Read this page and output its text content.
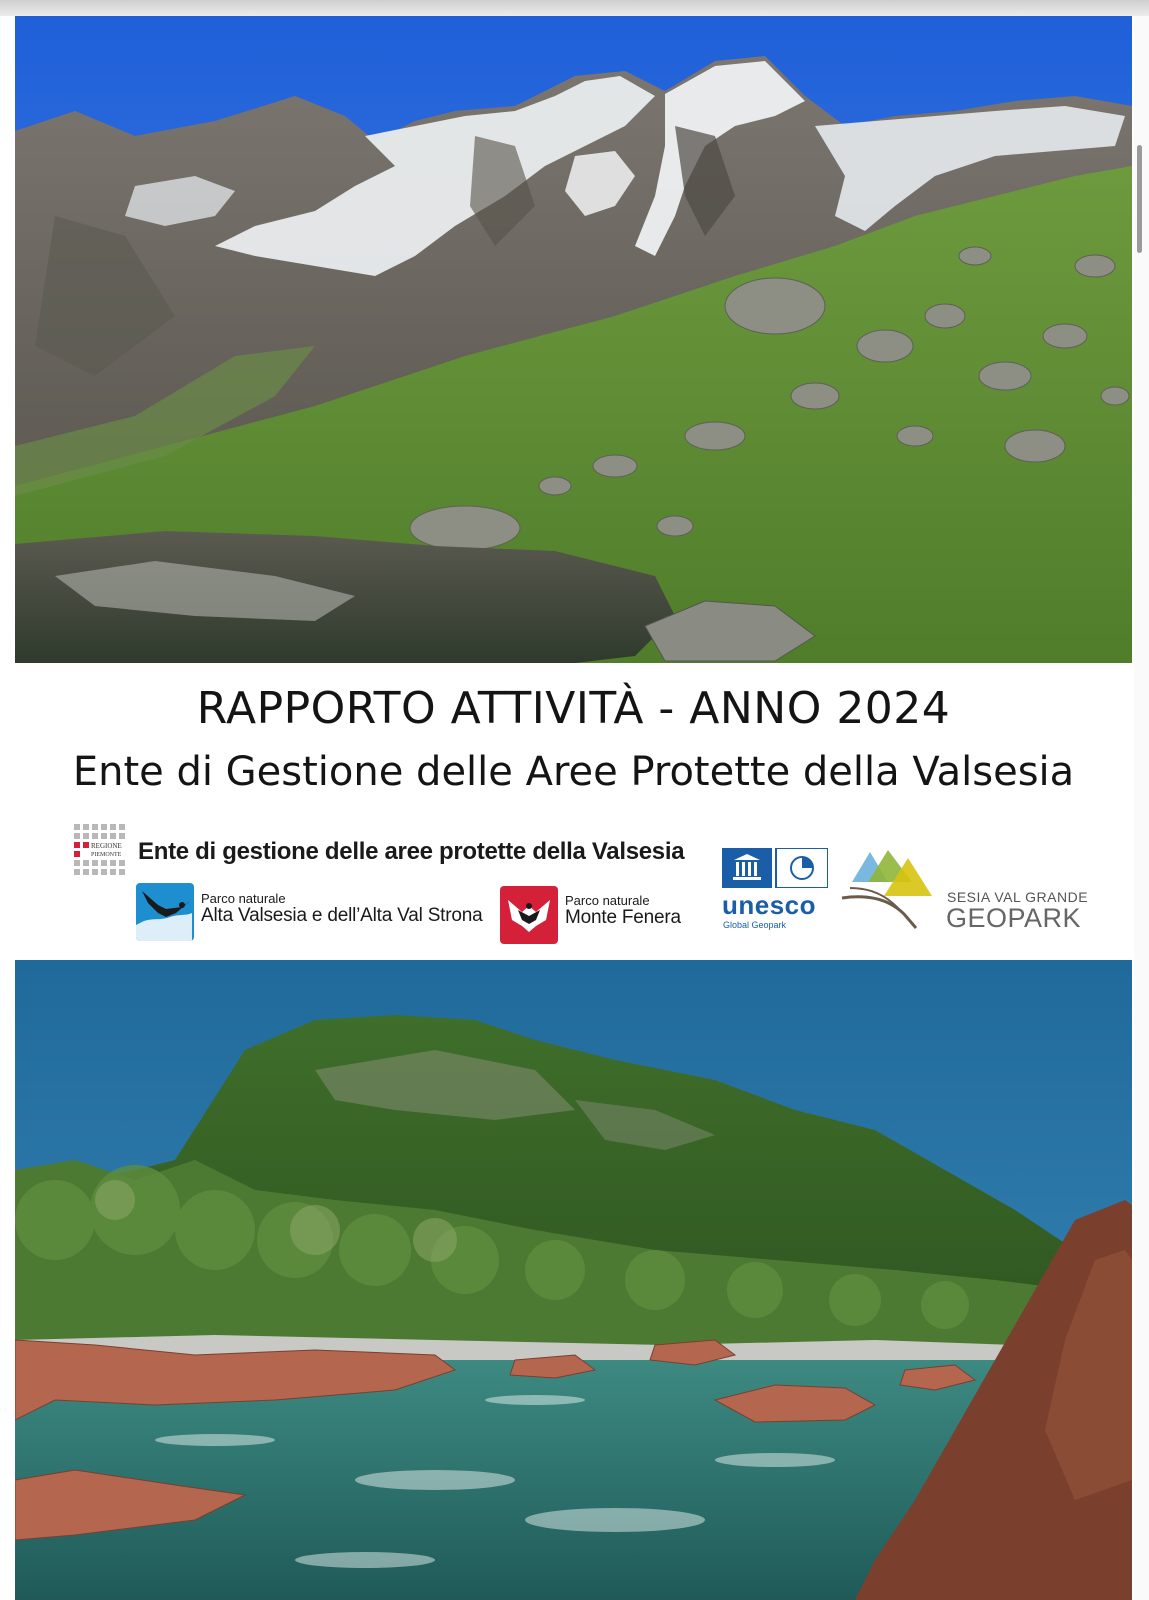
RAPPORTO ATTIVITÀ - ANNO 2024
Ente di Gestione delle Aree Protette della Valsesia
REGIONE
PIEMONTE Ente di gestione delle aree protette della Valsesia
Parco naturale
Alta Valsesia e dell’Alta Val Strona
Parco naturale
Monte Fenera unesco
Global Geopark
SESIA VAL GRANDE
GEOPARK
